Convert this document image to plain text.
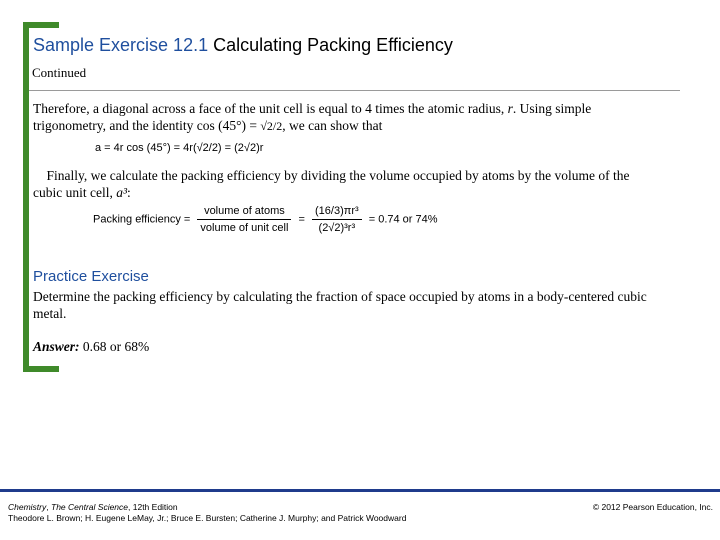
Sample Exercise 12.1 Calculating Packing Efficiency
Continued
Therefore, a diagonal across a face of the unit cell is equal to 4 times the atomic radius, r. Using simple trigonometry, and the identity cos (45°) = √2/2, we can show that
a = 4r cos (45°) = 4r(√2/2) = (2√2)r
Finally, we calculate the packing efficiency by dividing the volume occupied by atoms by the volume of the cubic unit cell, a³:
Packing efficiency = $\frac{\text{volume of atoms}}{\text{volume of unit cell}} = \frac{\text{(16/3)πr³}}{\text{(2√2)³r³}} = 0.74$ or 74%
Practice Exercise
Determine the packing efficiency by calculating the fraction of space occupied by atoms in a body-centered cubic metal.
Answer: 0.68 or 68%
Chemistry, The Central Science, 12th Edition
Theodore L. Brown; H. Eugene LeMay, Jr.; Bruce E. Bursten; Catherine J. Murphy; and Patrick Woodward
© 2012 Pearson Education, Inc.
